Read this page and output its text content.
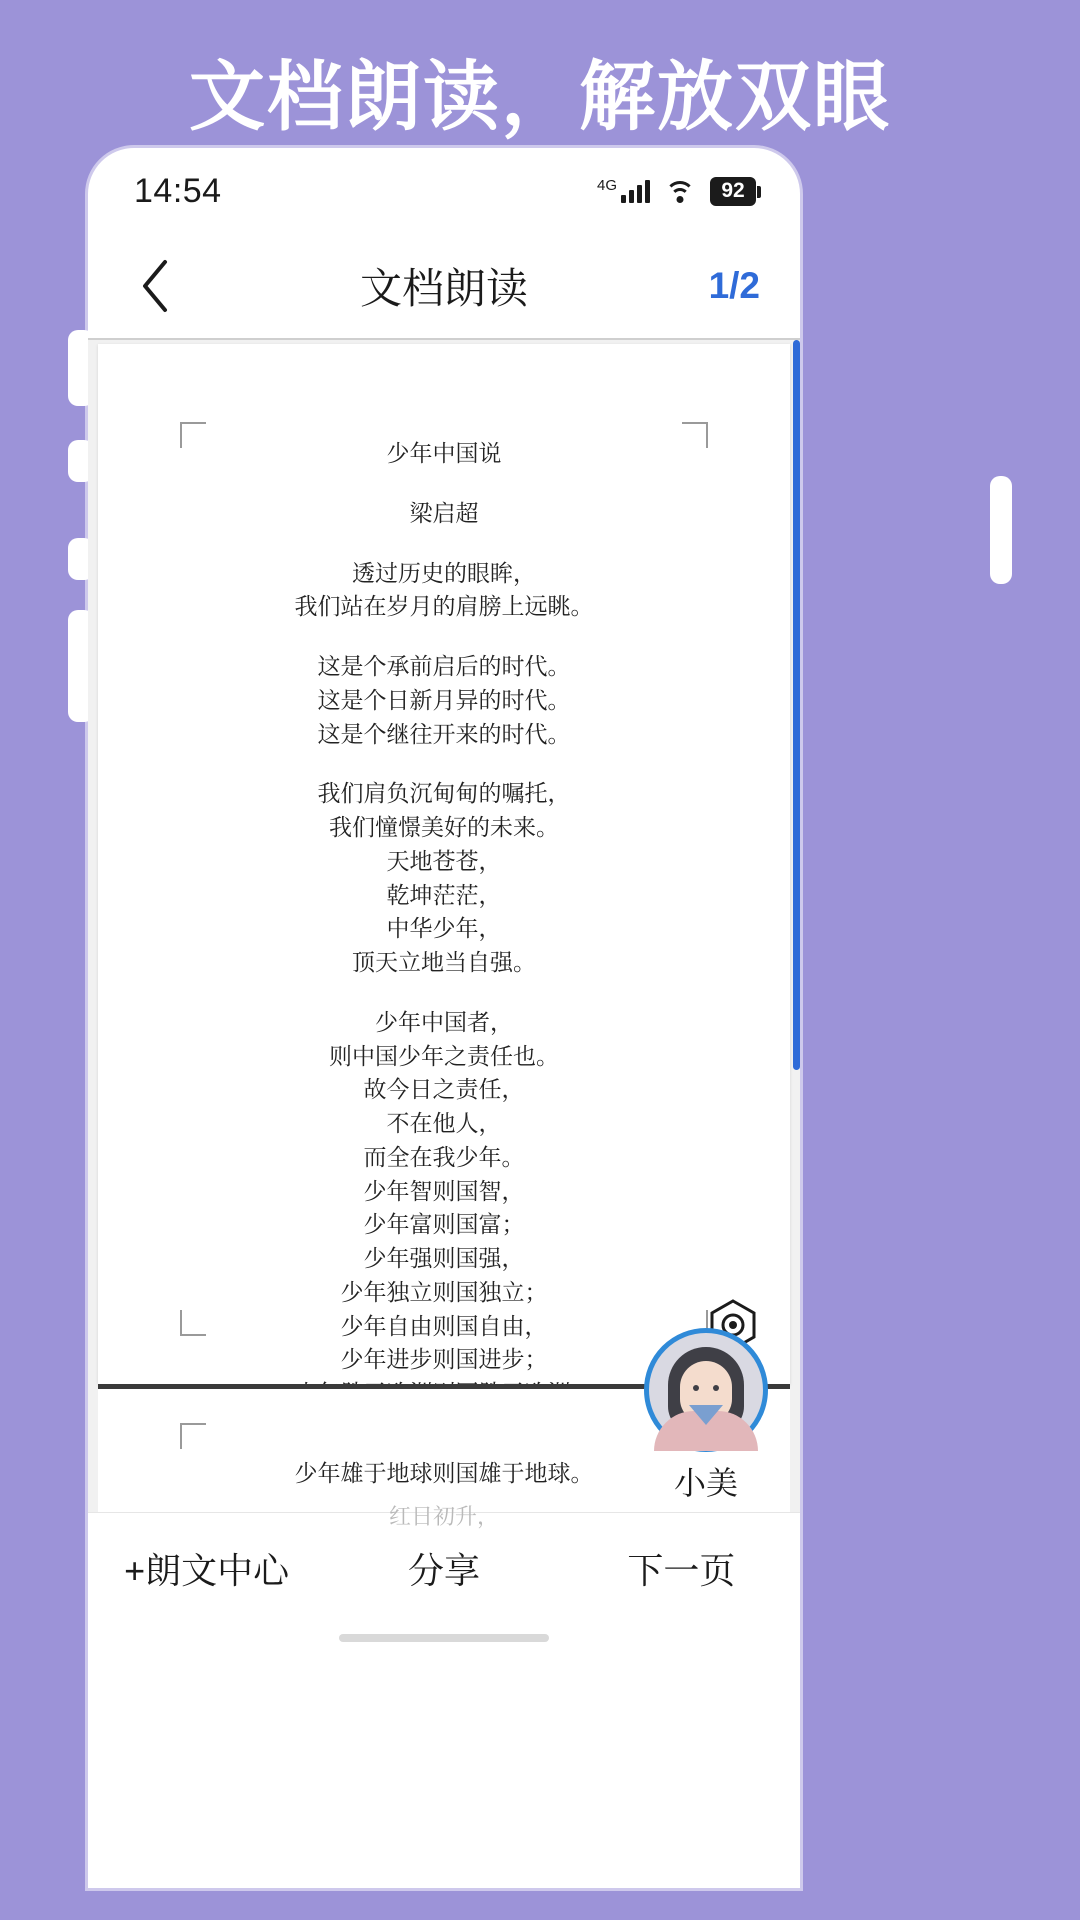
文档朗读，解放双眼
14:54	4G	92
文档朗读	1/2
少年中国说
梁启超
透过历史的眼眸，
我们站在岁月的肩膀上远眺。
这是个承前启后的时代。
这是个日新月异的时代。
这是个继往开来的时代。
我们肩负沉甸甸的嘱托，
我们憧憬美好的未来。
天地苍苍，
乾坤茫茫，
中华少年，
顶天立地当自强。
少年中国者，
则中国少年之责任也。
故今日之责任，
不在他人，
而全在我少年。
少年智则国智，
少年富则国富；
少年强则国强，
少年独立则国独立；
少年自由则国自由，
少年进步则国进步；
少年雄于地球则国雄于地球。
红日初升，
小美
+朗文中心	分享	下一页
